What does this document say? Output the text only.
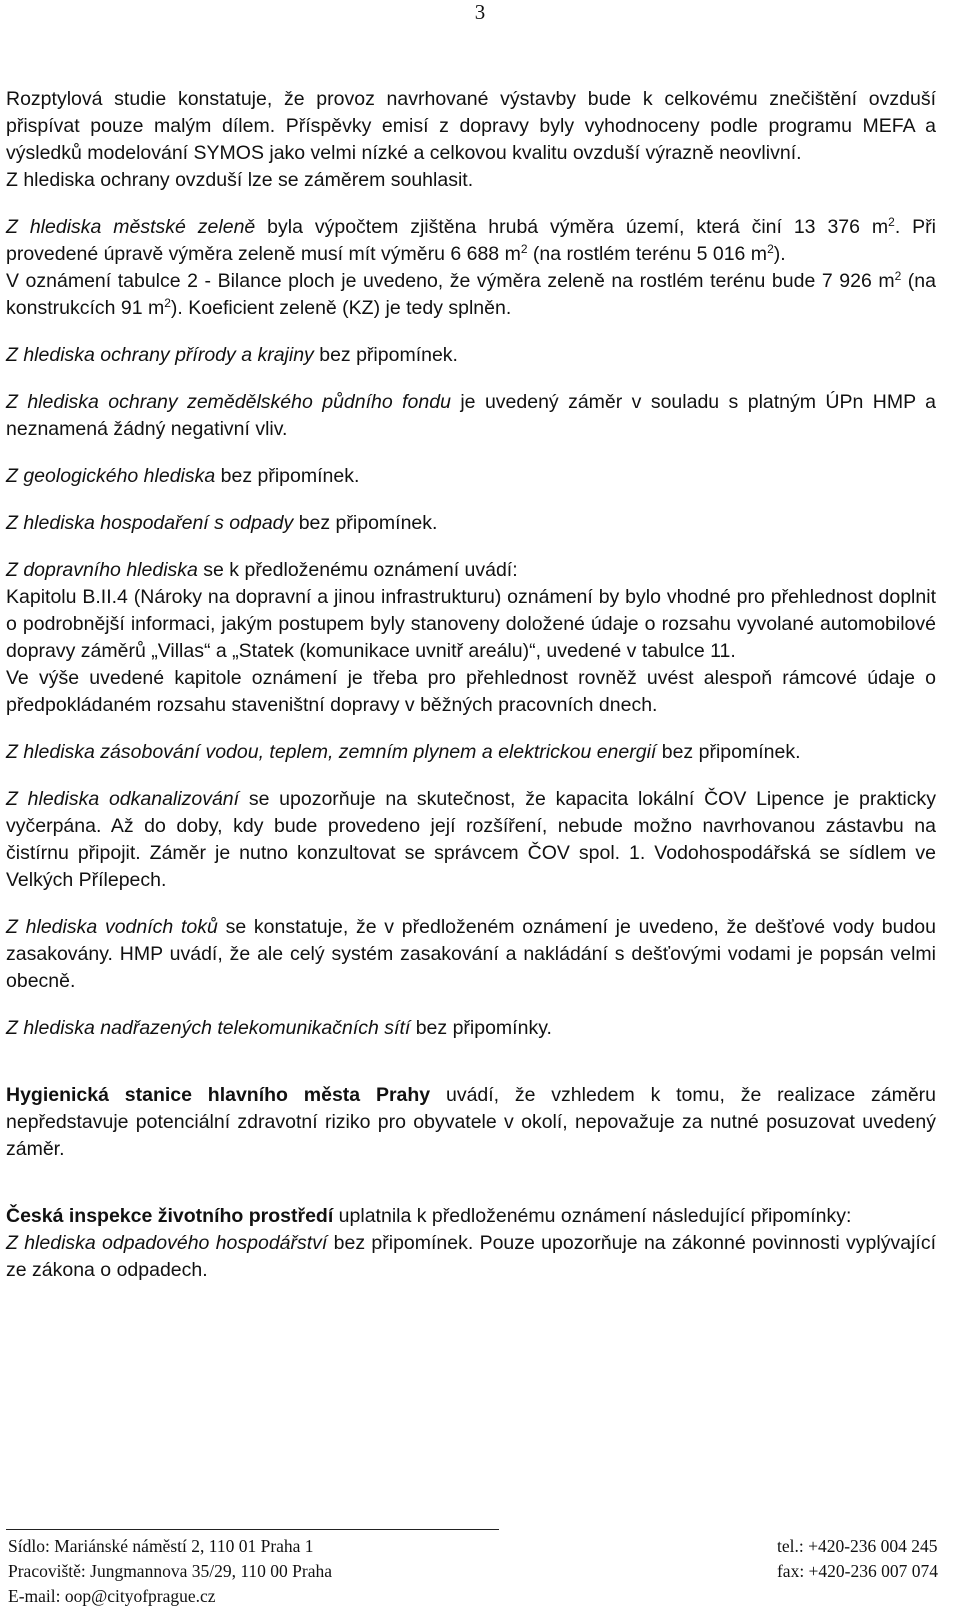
3

Rozptylová studie konstatuje, že provoz navrhované výstavby bude k celkovému znečištění ovzduší přispívat pouze malým dílem. Příspěvky emisí z dopravy byly vyhodnoceny podle programu MEFA a výsledků modelování SYMOS jako velmi nízké a celkovou kvalitu ovzduší výrazně neovlivní.
Z hlediska ochrany ovzduší lze se záměrem souhlasit.

Z hlediska městské zeleně byla výpočtem zjištěna hrubá výměra území, která činí 13 376 $m^2$. Při provedené úpravě výměra zeleně musí mít výměru 6 688 $m^2$ (na rostlém terénu 5 016 $m^2$).
V oznámení tabulce 2 - Bilance ploch je uvedeno, že výměra zeleně na rostlém terénu bude 7 926 $m^2$ (na konstrukcích 91 $m^2$). Koeficient zeleně (KZ) je tedy splněn.

Z hlediska ochrany přírody a krajiny bez připomínek.

Z hlediska ochrany zemědělského půdního fondu je uvedený záměr v souladu s platným ÚPn HMP a neznamená žádný negativní vliv.

Z geologického hlediska bez připomínek.

Z hlediska hospodaření s odpady bez připomínek.

Z dopravního hlediska se k předloženému oznámení uvádí:
Kapitolu B.II.4 (Nároky na dopravní a jinou infrastrukturu) oznámení by bylo vhodné pro přehlednost doplnit o podrobnější informaci, jakým postupem byly stanoveny doložené údaje o rozsahu vyvolané automobilové dopravy záměrů „Villas“ a „Statek (komunikace uvnitř areálu)“, uvedené v tabulce 11.
Ve výše uvedené kapitole oznámení je třeba pro přehlednost rovněž uvést alespoň rámcové údaje o předpokládaném rozsahu staveništní dopravy v běžných pracovních dnech.

Z hlediska zásobování vodou, teplem, zemním plynem a elektrickou energií bez připomínek.

Z hlediska odkanalizování se upozorňuje na skutečnost, že kapacita lokální ČOV Lipence je prakticky vyčerpána. Až do doby, kdy bude provedeno její rozšíření, nebude možno navrhovanou zástavbu na čistírnu připojit. Záměr je nutno konzultovat se správcem ČOV spol. 1. Vodohospodářská se sídlem ve Velkých Přílepech.

Z hlediska vodních toků se konstatuje, že v předloženém oznámení je uvedeno, že dešťové vody budou zasakovány. HMP uvádí, že ale celý systém zasakování a nakládání s dešťovými vodami je popsán velmi obecně.

Z hlediska nadřazených telekomunikačních sítí bez připomínky.

Hygienická stanice hlavního města Prahy uvádí, že vzhledem k tomu, že realizace záměru nepředstavuje potenciální zdravotní riziko pro obyvatele v okolí, nepovažuje za nutné posuzovat uvedený záměr.

Česká inspekce životního prostředí uplatnila k předloženému oznámení následující připomínky:
Z hlediska odpadového hospodářství bez připomínek. Pouze upozorňuje na zákonné povinnosti vyplývající ze zákona o odpadech.

Sídlo: Mariánské náměstí 2, 110 01 Praha 1
Pracoviště: Jungmannova 35/29, 110 00 Praha
E-mail: oop@cityofprague.cz
tel.: +420-236 004 245
fax: +420-236 007 074
